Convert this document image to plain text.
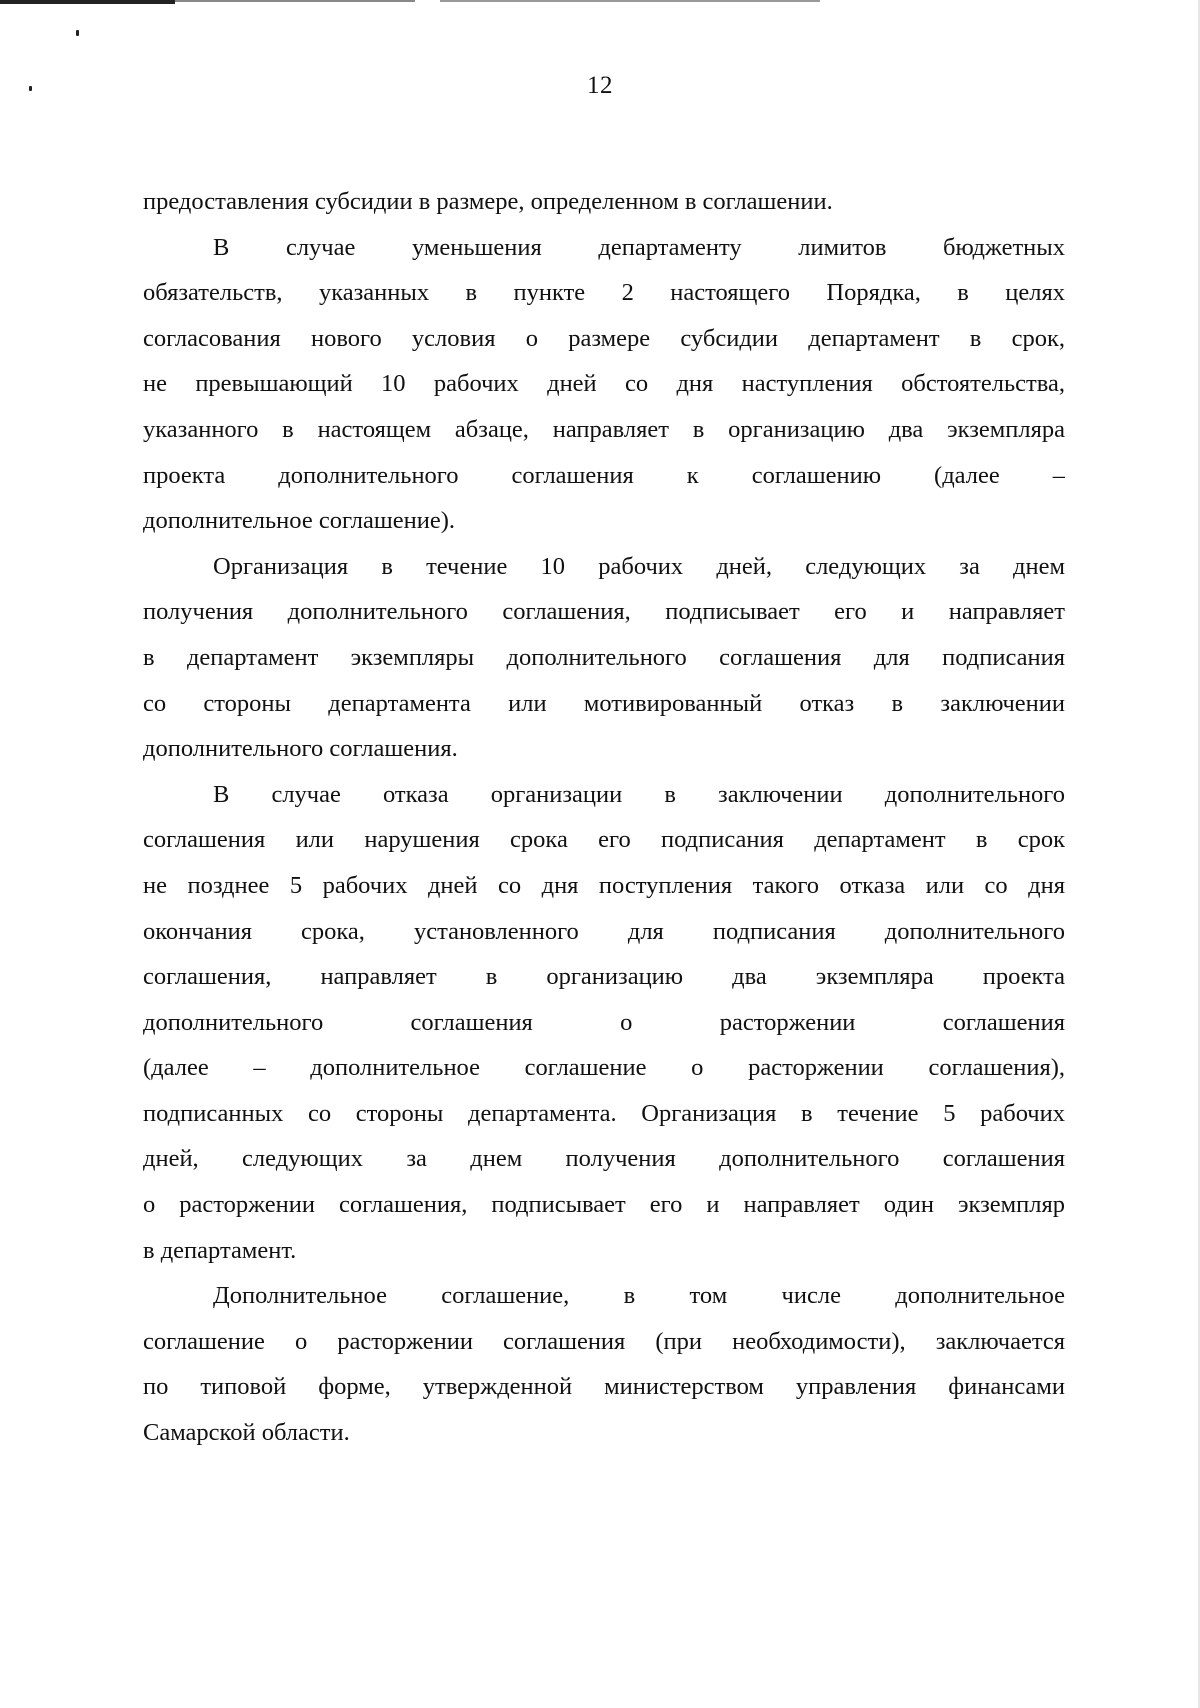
12
предоставления субсидии в размере, определенном в соглашении.
В случае уменьшения департаменту лимитов бюджетных
обязательств, указанных в пункте 2 настоящего Порядка, в целях
согласования нового условия о размере субсидии департамент в срок,
не превышающий 10 рабочих дней со дня наступления обстоятельства,
указанного в настоящем абзаце, направляет в организацию два экземпляра
проекта дополнительного соглашения к соглашению (далее –
дополнительное соглашение).
Организация в течение 10 рабочих дней, следующих за днем
получения дополнительного соглашения, подписывает его и направляет
в департамент экземпляры дополнительного соглашения для подписания
со стороны департамента или мотивированный отказ в заключении
дополнительного соглашения.
В случае отказа организации в заключении дополнительного
соглашения или нарушения срока его подписания департамент в срок
не позднее 5 рабочих дней со дня поступления такого отказа или со дня
окончания срока, установленного для подписания дополнительного
соглашения, направляет в организацию два экземпляра проекта
дополнительного соглашения о расторжении соглашения
(далее – дополнительное соглашение о расторжении соглашения),
подписанных со стороны департамента. Организация в течение 5 рабочих
дней, следующих за днем получения дополнительного соглашения
о расторжении соглашения, подписывает его и направляет один экземпляр
в департамент.
Дополнительное соглашение, в том числе дополнительное
соглашение о расторжении соглашения (при необходимости), заключается
по типовой форме, утвержденной министерством управления финансами
Самарской области.
